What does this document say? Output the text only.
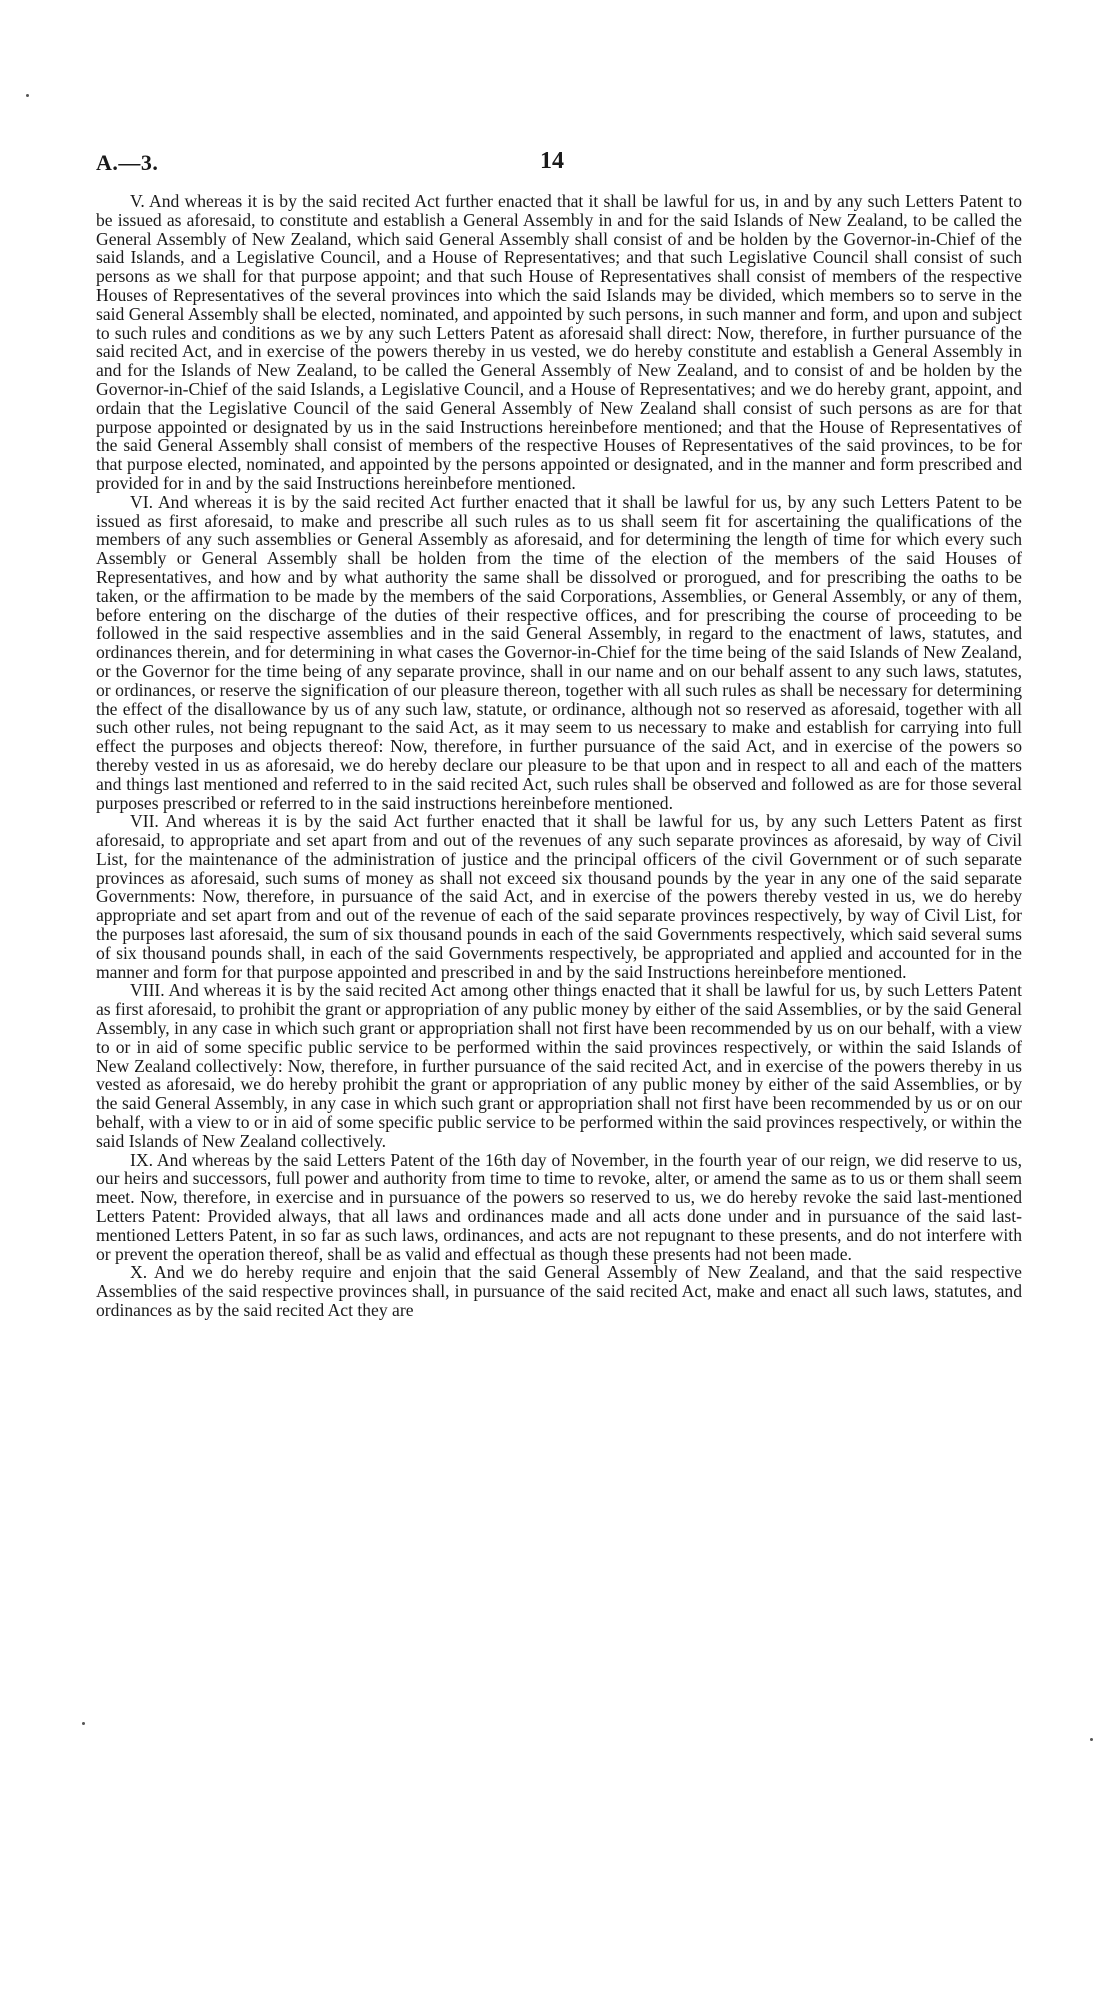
A.—3.	14

V. And whereas it is by the said recited Act further enacted that it shall be lawful for us, in and by any such Letters Patent to be issued as aforesaid, to constitute and establish a General Assembly in and for the said Islands of New Zealand, to be called the General Assembly of New Zealand, which said General Assembly shall consist of and be holden by the Governor-in-Chief of the said Islands, and a Legislative Council, and a House of Representatives; and that such Legislative Council shall consist of such persons as we shall for that purpose appoint; and that such House of Representatives shall consist of members of the respective Houses of Representatives of the several provinces into which the said Islands may be divided, which members so to serve in the said General Assembly shall be elected, nominated, and appointed by such persons, in such manner and form, and upon and subject to such rules and conditions as we by any such Letters Patent as aforesaid shall direct: Now, therefore, in further pursuance of the said recited Act, and in exercise of the powers thereby in us vested, we do hereby constitute and establish a General Assembly in and for the Islands of New Zealand, to be called the General Assembly of New Zealand, and to consist of and be holden by the Governor-in-Chief of the said Islands, a Legislative Council, and a House of Representatives; and we do hereby grant, appoint, and ordain that the Legislative Council of the said General Assembly of New Zealand shall consist of such persons as are for that purpose appointed or designated by us in the said Instructions hereinbefore mentioned; and that the House of Representatives of the said General Assembly shall consist of members of the respective Houses of Representatives of the said provinces, to be for that purpose elected, nominated, and appointed by the persons appointed or designated, and in the manner and form prescribed and provided for in and by the said Instructions hereinbefore mentioned.

VI. And whereas it is by the said recited Act further enacted that it shall be lawful for us, by any such Letters Patent to be issued as first aforesaid, to make and prescribe all such rules as to us shall seem fit for ascertaining the qualifications of the members of any such assemblies or General Assembly as aforesaid, and for determining the length of time for which every such Assembly or General Assembly shall be holden from the time of the election of the members of the said Houses of Representatives, and how and by what authority the same shall be dissolved or prorogued, and for prescribing the oaths to be taken, or the affirmation to be made by the members of the said Corporations, Assemblies, or General Assembly, or any of them, before entering on the discharge of the duties of their respective offices, and for prescribing the course of proceeding to be followed in the said respective assemblies and in the said General Assembly, in regard to the enactment of laws, statutes, and ordinances therein, and for determining in what cases the Governor-in-Chief for the time being of the said Islands of New Zealand, or the Governor for the time being of any separate province, shall in our name and on our behalf assent to any such laws, statutes, or ordinances, or reserve the signification of our pleasure thereon, together with all such rules as shall be necessary for determining the effect of the disallowance by us of any such law, statute, or ordinance, although not so reserved as aforesaid, together with all such other rules, not being repugnant to the said Act, as it may seem to us necessary to make and establish for carrying into full effect the purposes and objects thereof: Now, therefore, in further pursuance of the said Act, and in exercise of the powers so thereby vested in us as aforesaid, we do hereby declare our pleasure to be that upon and in respect to all and each of the matters and things last mentioned and referred to in the said recited Act, such rules shall be observed and followed as are for those several purposes prescribed or referred to in the said instructions hereinbefore mentioned.

VII. And whereas it is by the said Act further enacted that it shall be lawful for us, by any such Letters Patent as first aforesaid, to appropriate and set apart from and out of the revenues of any such separate provinces as aforesaid, by way of Civil List, for the maintenance of the administration of justice and the principal officers of the civil Government or of such separate provinces as aforesaid, such sums of money as shall not exceed six thousand pounds by the year in any one of the said separate Governments: Now, therefore, in pursuance of the said Act, and in exercise of the powers thereby vested in us, we do hereby appropriate and set apart from and out of the revenue of each of the said separate provinces respectively, by way of Civil List, for the purposes last aforesaid, the sum of six thousand pounds in each of the said Governments respectively, which said several sums of six thousand pounds shall, in each of the said Governments respectively, be appropriated and applied and accounted for in the manner and form for that purpose appointed and prescribed in and by the said Instructions hereinbefore mentioned.

VIII. And whereas it is by the said recited Act among other things enacted that it shall be lawful for us, by such Letters Patent as first aforesaid, to prohibit the grant or appropriation of any public money by either of the said Assemblies, or by the said General Assembly, in any case in which such grant or appropriation shall not first have been recommended by us on our behalf, with a view to or in aid of some specific public service to be performed within the said provinces respectively, or within the said Islands of New Zealand collectively: Now, therefore, in further pursuance of the said recited Act, and in exercise of the powers thereby in us vested as aforesaid, we do hereby prohibit the grant or appropriation of any public money by either of the said Assemblies, or by the said General Assembly, in any case in which such grant or appropriation shall not first have been recommended by us or on our behalf, with a view to or in aid of some specific public service to be performed within the said provinces respectively, or within the said Islands of New Zealand collectively.

IX. And whereas by the said Letters Patent of the 16th day of November, in the fourth year of our reign, we did reserve to us, our heirs and successors, full power and authority from time to time to revoke, alter, or amend the same as to us or them shall seem meet. Now, therefore, in exercise and in pursuance of the powers so reserved to us, we do hereby revoke the said last-mentioned Letters Patent: Provided always, that all laws and ordinances made and all acts done under and in pursuance of the said last-mentioned Letters Patent, in so far as such laws, ordinances, and acts are not repugnant to these presents, and do not interfere with or prevent the operation thereof, shall be as valid and effectual as though these presents had not been made.

X. And we do hereby require and enjoin that the said General Assembly of New Zealand, and that the said respective Assemblies of the said respective provinces shall, in pursuance of the said recited Act, make and enact all such laws, statutes, and ordinances as by the said recited Act they are
